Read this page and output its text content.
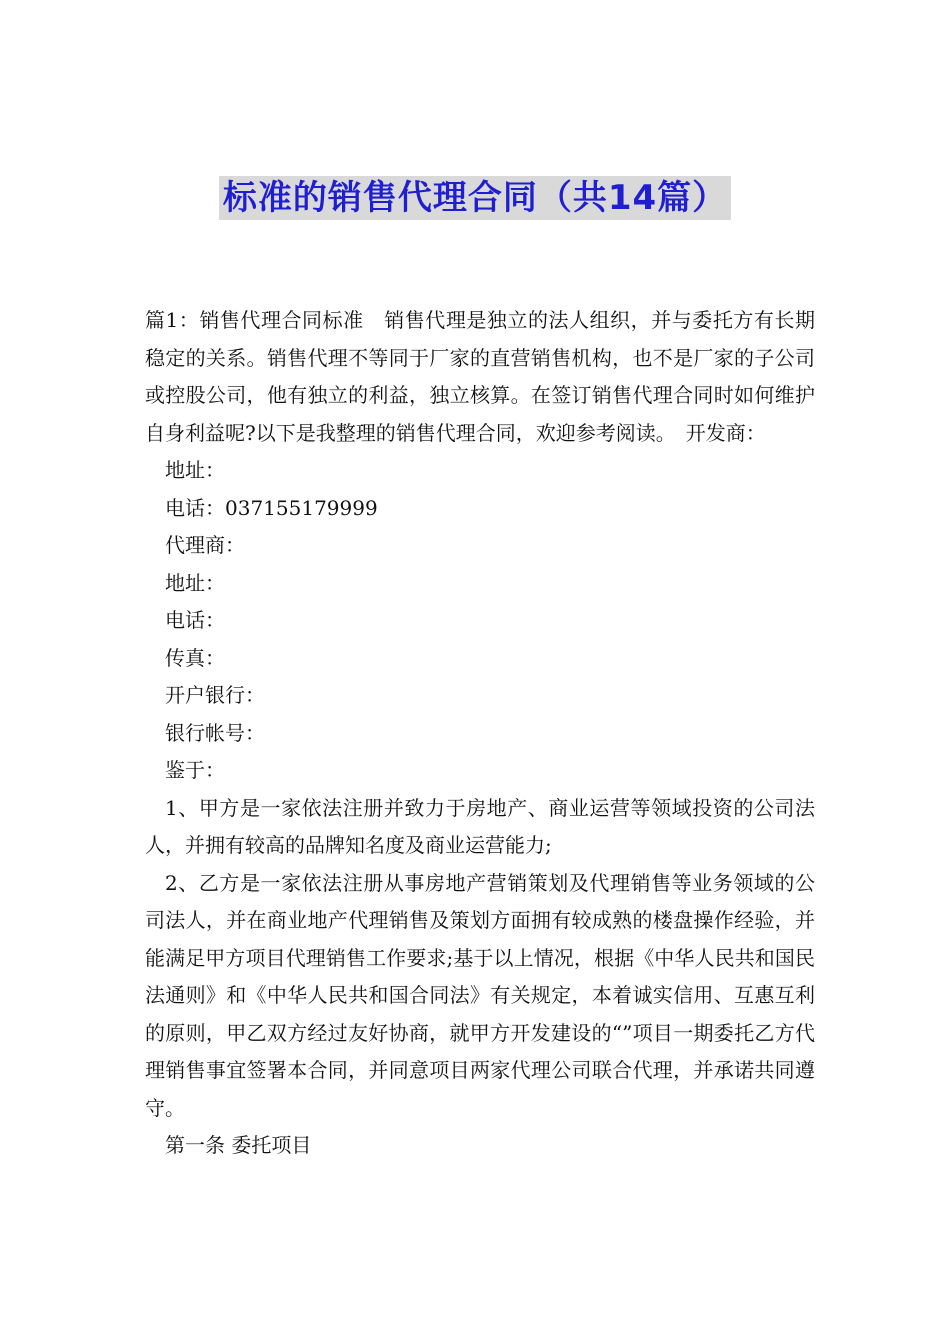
标准的销售代理合同（共14篇）

篇1：销售代理合同标准　销售代理是独立的法人组织，并与委托方有长期稳定的关系。销售代理不等同于厂家的直营销售机构，也不是厂家的子公司或控股公司，他有独立的利益，独立核算。在签订销售代理合同时如何维护自身利益呢?以下是我整理的销售代理合同，欢迎参考阅读。　开发商：

地址：

电话：037155179999

代理商：

地址：

电话：

传真：

开户银行：

银行帐号：

鉴于：

1、甲方是一家依法注册并致力于房地产、商业运营等领域投资的公司法人，并拥有较高的品牌知名度及商业运营能力;

2、乙方是一家依法注册从事房地产营销策划及代理销售等业务领域的公司法人，并在商业地产代理销售及策划方面拥有较成熟的楼盘操作经验，并能满足甲方项目代理销售工作要求;基于以上情况，根据《中华人民共和国民法通则》和《中华人民共和国合同法》有关规定，本着诚实信用、互惠互利的原则，甲乙双方经过友好协商，就甲方开发建设的“”项目一期委托乙方代理销售事宜签署本合同，并同意项目两家代理公司联合代理，并承诺共同遵守。

第一条 委托项目
